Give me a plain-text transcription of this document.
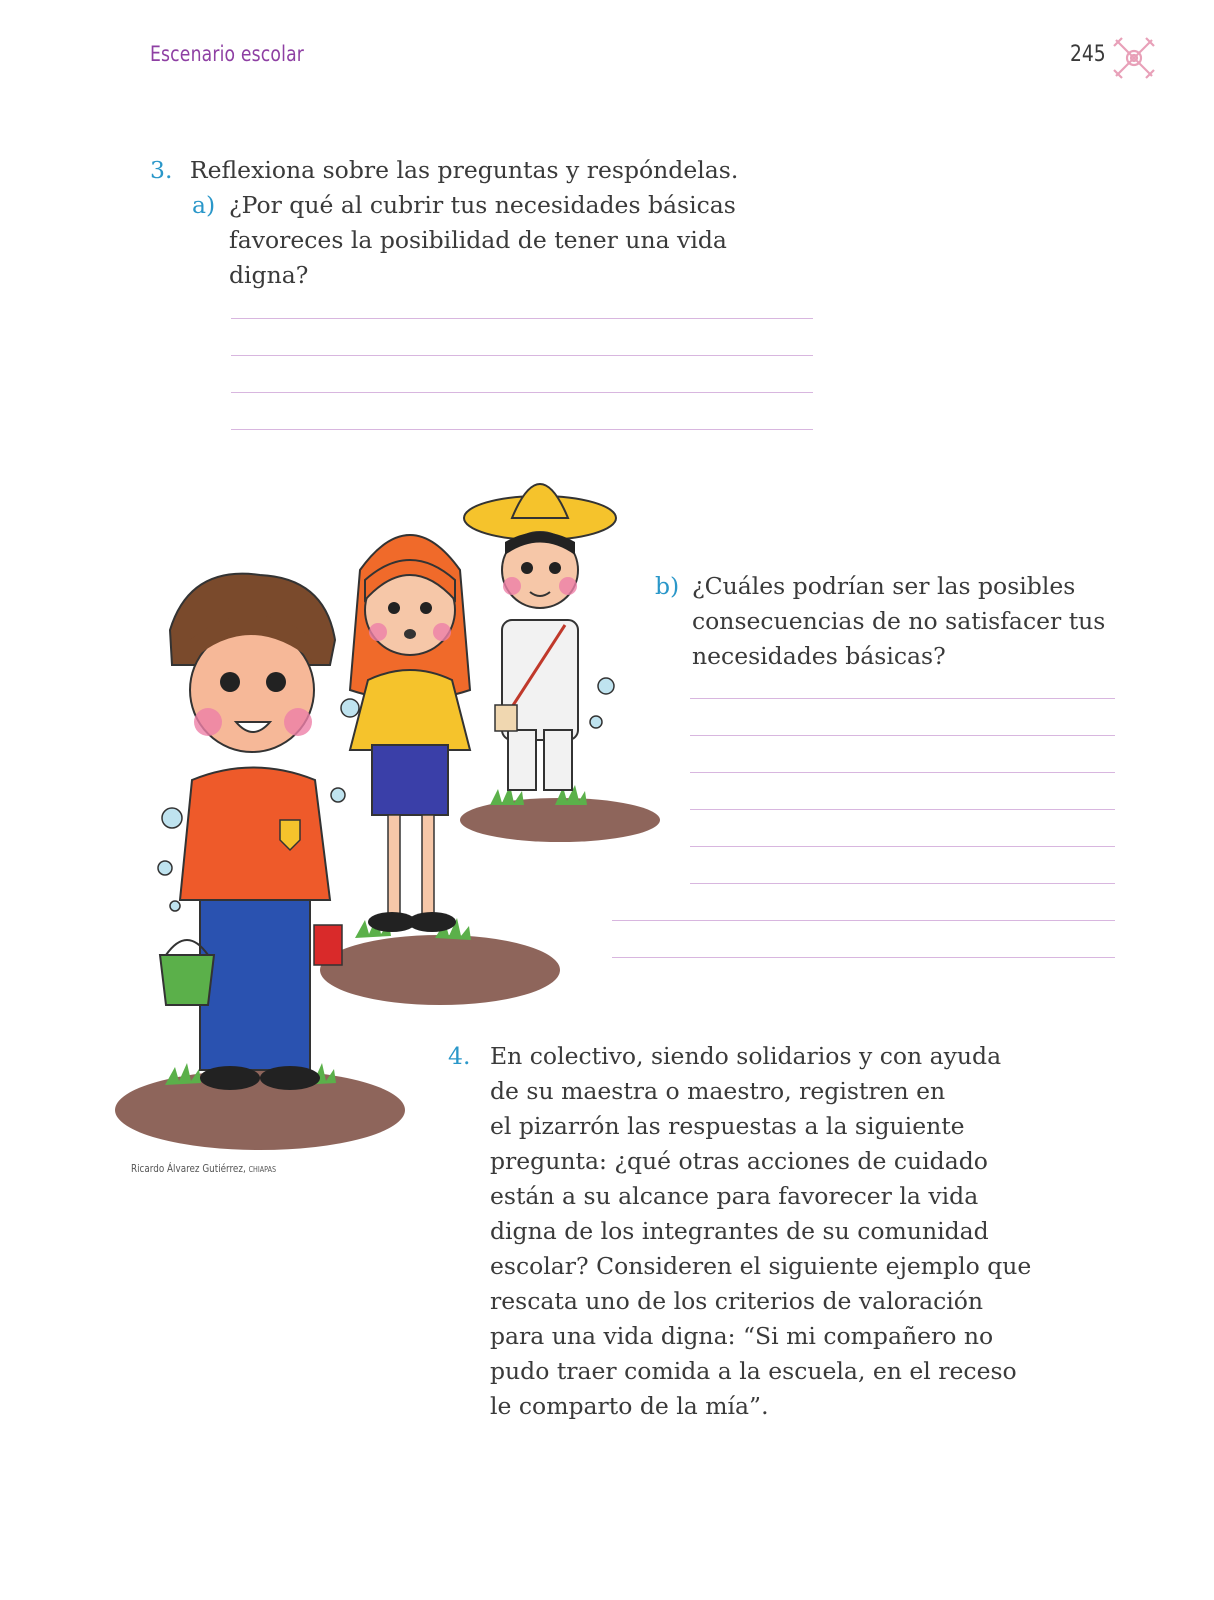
Escenario escolar	245
3. Reflexiona sobre las preguntas y respóndelas.
a) ¿Por qué al cubrir tus necesidades básicas
favoreces la posibilidad de tener una vida
digna?
Ricardo Álvarez Gutiérrez, CHIAPAS
b) ¿Cuáles podrían ser las posibles
consecuencias de no satisfacer tus
necesidades básicas?
4. En colectivo, siendo solidarios y con ayuda
de su maestra o maestro, registren en
el pizarrón las respuestas a la siguiente
pregunta: ¿qué otras acciones de cuidado
están a su alcance para favorecer la vida
digna de los integrantes de su comunidad
escolar? Consideren el siguiente ejemplo que
rescata uno de los criterios de valoración
para una vida digna: “Si mi compañero no
pudo traer comida a la escuela, en el receso
le comparto de la mía”.
